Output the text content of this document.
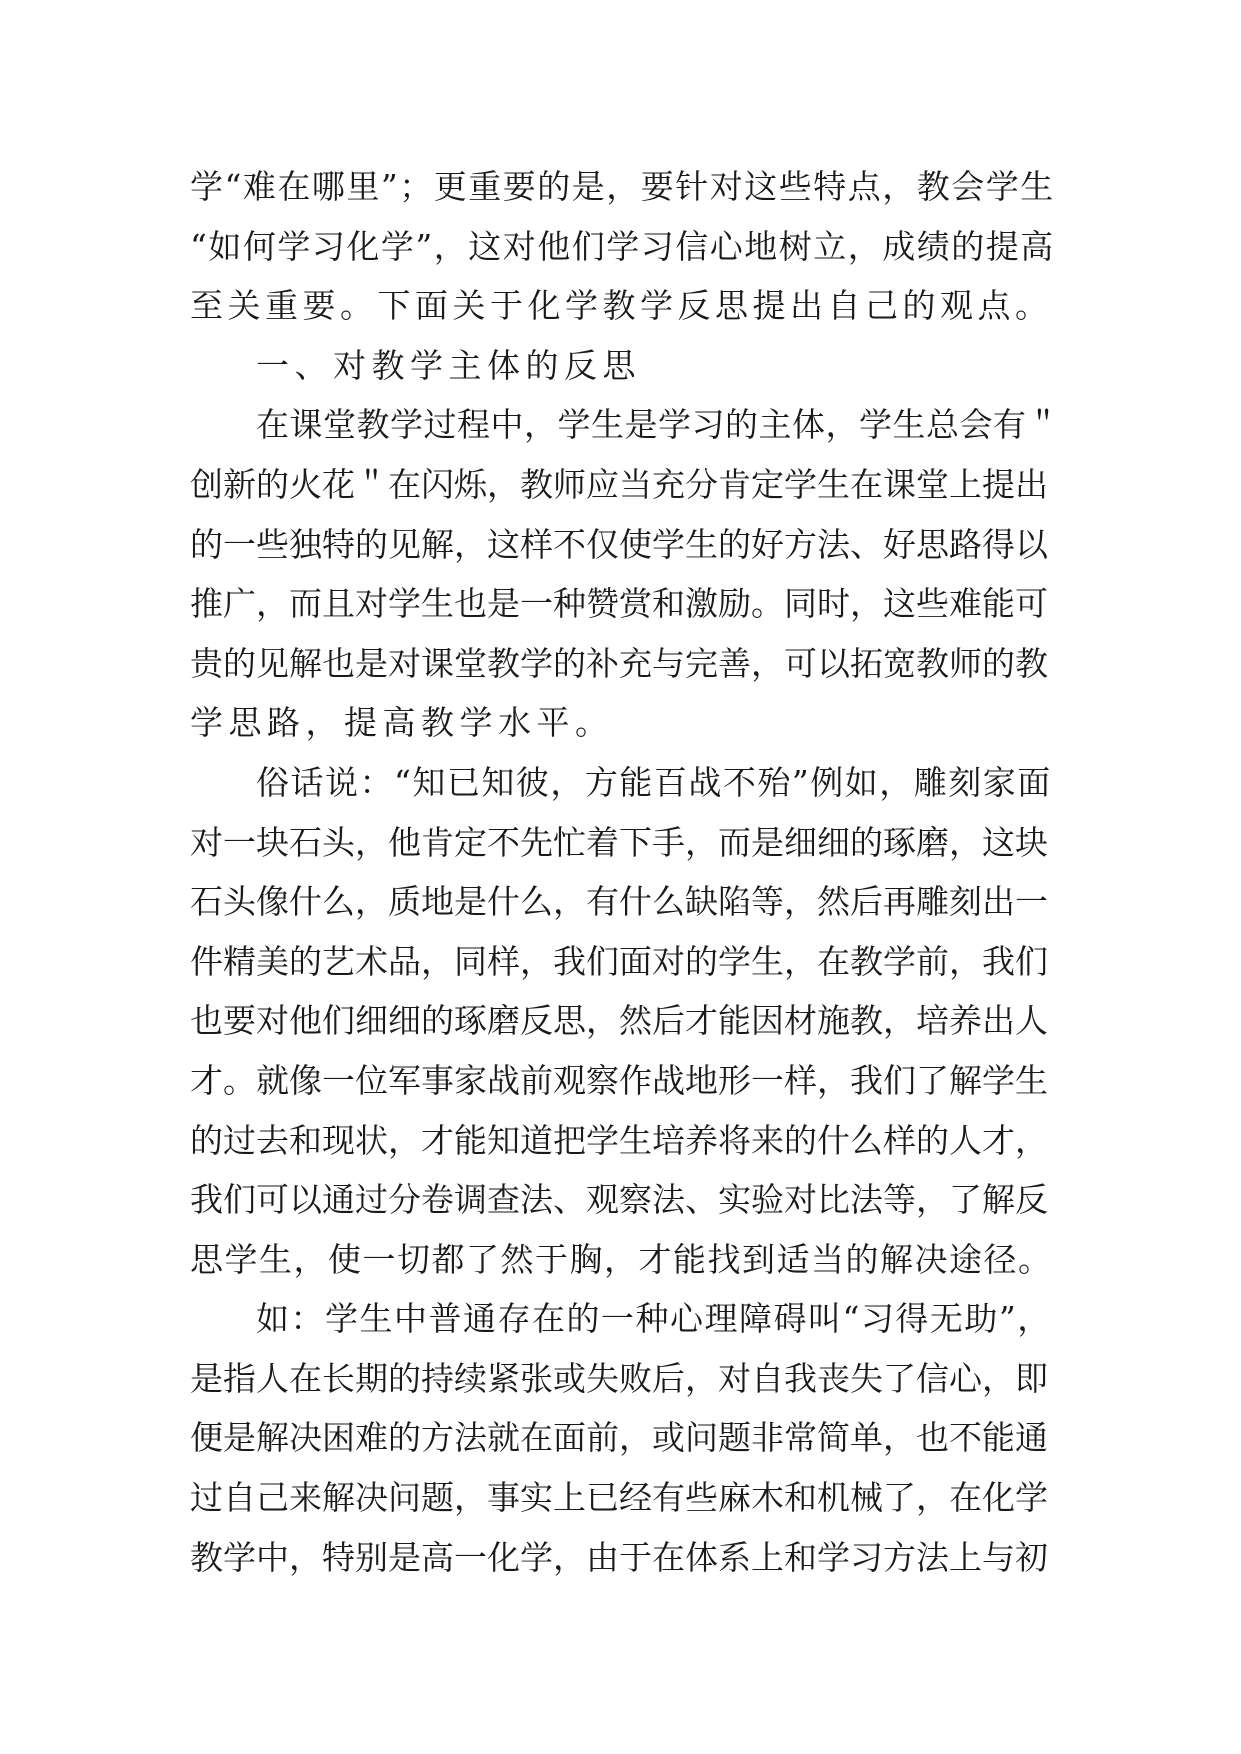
学“难在哪里”；更重要的是，要针对这些特点，教会学生
“如何学习化学”，这对他们学习信心地树立，成绩的提高
至关重要。下面关于化学教学反思提出自己的观点。
一、对教学主体的反思
在课堂教学过程中，学生是学习的主体，学生总会有＂
创新的火花＂在闪烁，教师应当充分肯定学生在课堂上提出
的一些独特的见解，这样不仅使学生的好方法、好思路得以
推广，而且对学生也是一种赞赏和激励。同时，这些难能可
贵的见解也是对课堂教学的补充与完善，可以拓宽教师的教
学思路，提高教学水平。
俗话说：“知已知彼，方能百战不殆”例如，雕刻家面
对一块石头，他肯定不先忙着下手，而是细细的琢磨，这块
石头像什么，质地是什么，有什么缺陷等，然后再雕刻出一
件精美的艺术品，同样，我们面对的学生，在教学前，我们
也要对他们细细的琢磨反思，然后才能因材施教，培养出人
才。就像一位军事家战前观察作战地形一样，我们了解学生
的过去和现状，才能知道把学生培养将来的什么样的人才，
我们可以通过分卷调查法、观察法、实验对比法等，了解反
思学生，使一切都了然于胸，才能找到适当的解决途径。
如：学生中普通存在的一种心理障碍叫“习得无助”，
是指人在长期的持续紧张或失败后，对自我丧失了信心，即
便是解决困难的方法就在面前，或问题非常简单，也不能通
过自己来解决问题，事实上已经有些麻木和机械了，在化学
教学中，特别是高一化学，由于在体系上和学习方法上与初
